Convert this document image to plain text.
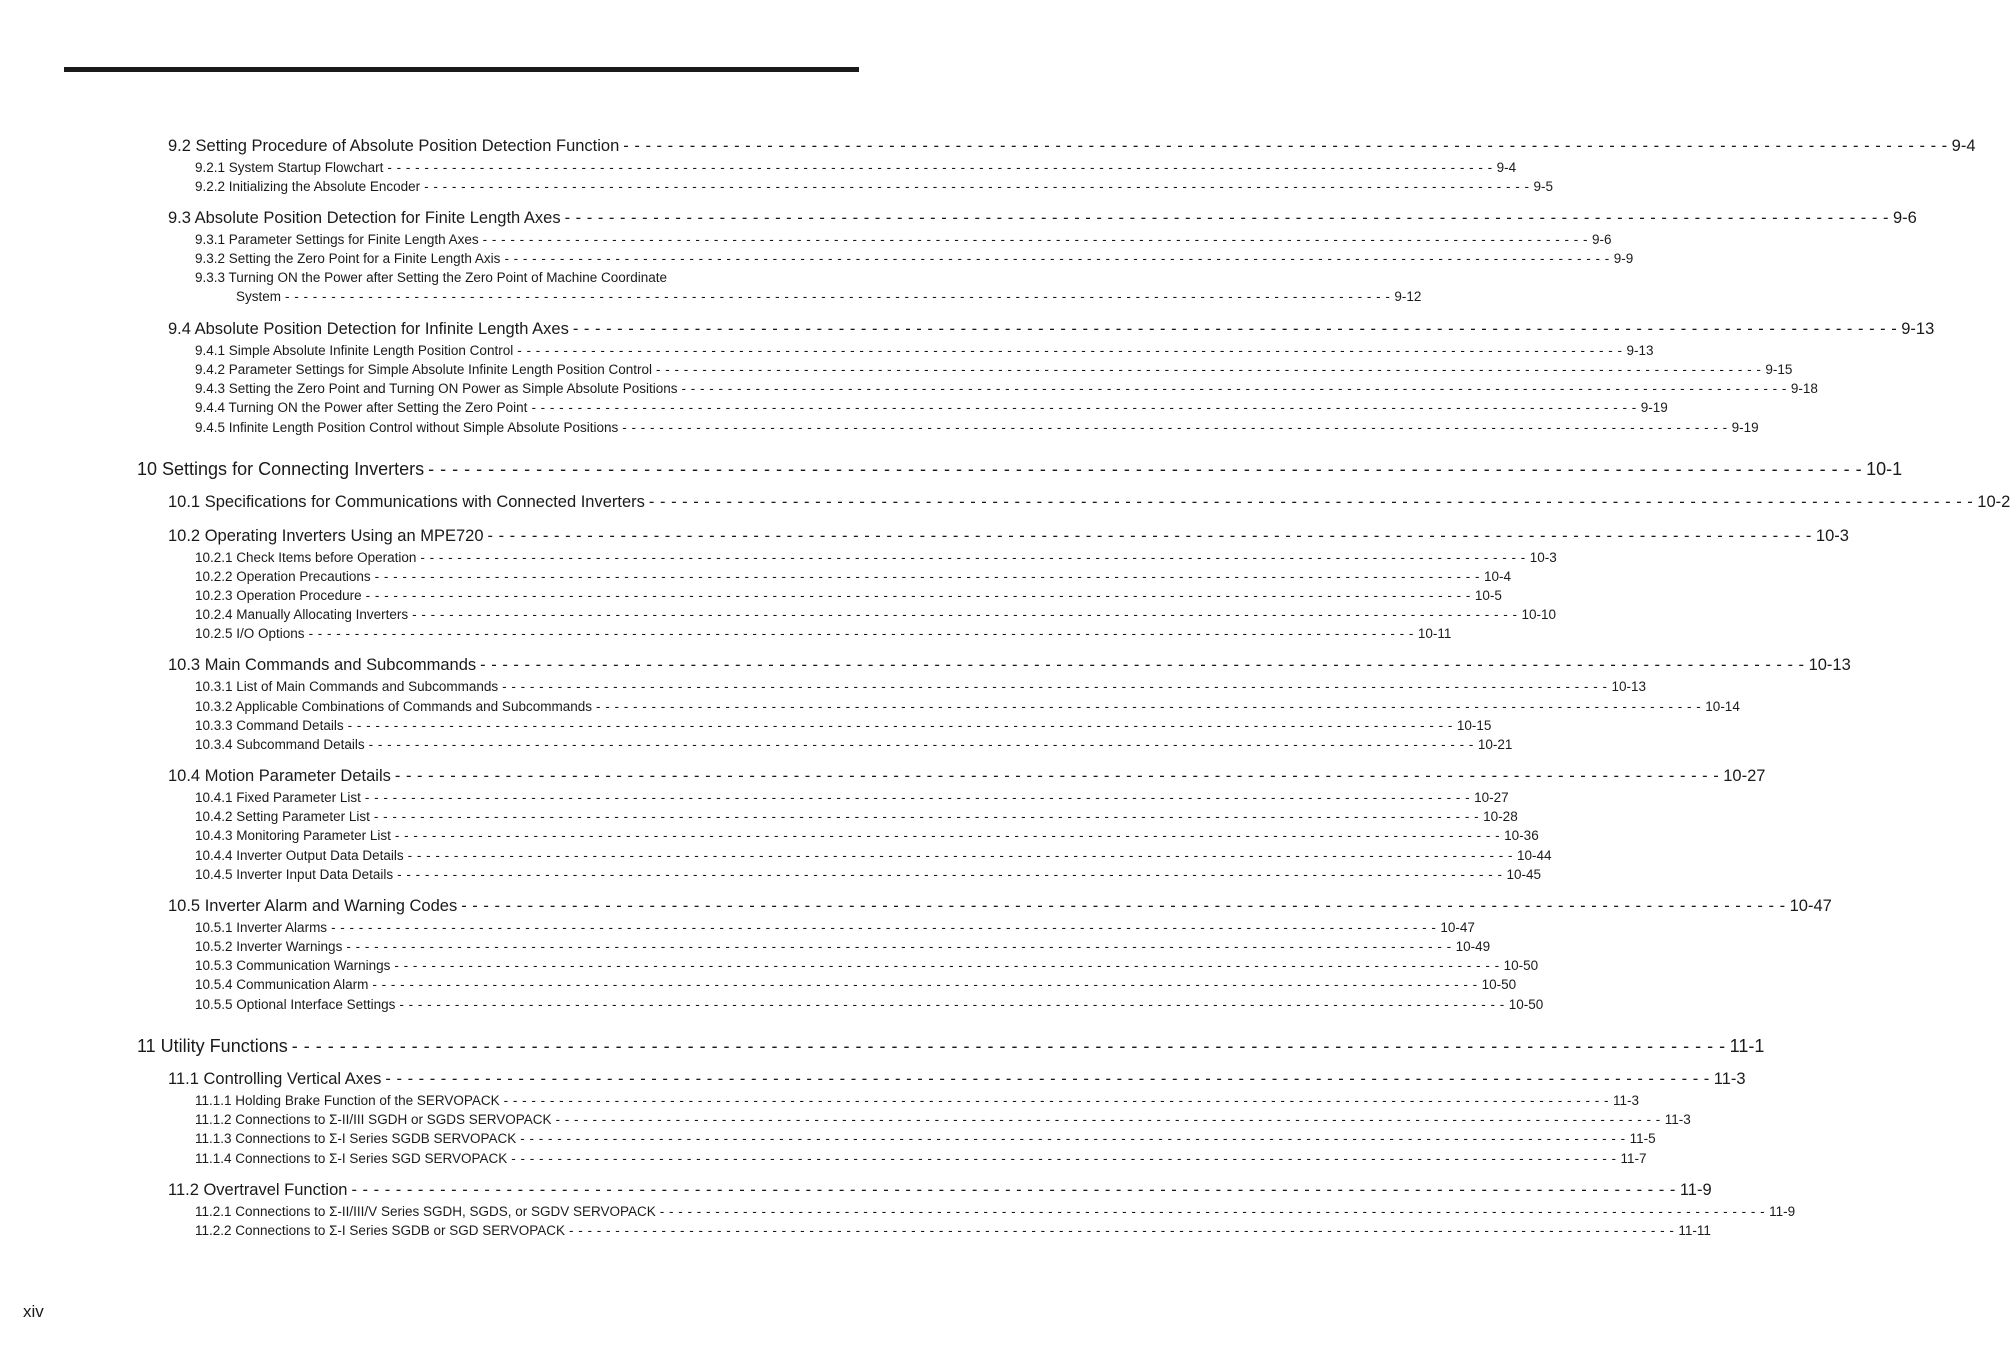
9.2 Setting Procedure of Absolute Position Detection Function - - - - - - - - - - - - - - - - - - - - - - - - - - - - - - - - - - - - - - - - - - - - - - - - - - - - - - - - - - - - - - - - - - - - - - - - - - - - - - - - - - - - - - - - - - - - - - - - - - - - - - - - - - - - - - - - - - - - - - - - 9-4
9.2.1 System Startup Flowchart - - - - - - - - - - - - - - - - - - - - - - - - - - - - - - - - - - - - - - - - - - - - - - - - - - - - - - - - - - - - - - - - - - - - - - - - - - - - - - - - - - - - - - - - - - - - - - - - - - - - - - - - - - - - - - - - - - - - - - - - 9-4
9.2.2 Initializing the Absolute Encoder - - - - - - - - - - - - - - - - - - - - - - - - - - - - - - - - - - - - - - - - - - - - - - - - - - - - - - - - - - - - - - - - - - - - - - - - - - - - - - - - - - - - - - - - - - - - - - - - - - - - - - - - - - - - - - - - - - - - - - - - 9-5
9.3 Absolute Position Detection for Finite Length Axes - - - - - - - - - - - - - - - - - - - - - - - - - - - - - - - - - - - - - - - - - - - - - - - - - - - - - - - - - - - - - - - - - - - - - - - - - - - - - - - - - - - - - - - - - - - - - - - - - - - - - - - - - - - - - - - - - - - - - - - - 9-6
9.3.1 Parameter Settings for Finite Length Axes - - - - - - - - - - - - - - - - - - - - - - - - - - - - - - - - - - - - - - - - - - - - - - - - - - - - - - - - - - - - - - - - - - - - - - - - - - - - - - - - - - - - - - - - - - - - - - - - - - - - - - - - - - - - - - - - - - - - - - - - 9-6
9.3.2 Setting the Zero Point for a Finite Length Axis - - - - - - - - - - - - - - - - - - - - - - - - - - - - - - - - - - - - - - - - - - - - - - - - - - - - - - - - - - - - - - - - - - - - - - - - - - - - - - - - - - - - - - - - - - - - - - - - - - - - - - - - - - - - - - - - - - - - - - - - 9-9
9.3.3 Turning ON the Power after Setting the Zero Point of Machine Coordinate
System - - - - - - - - - - - - - - - - - - - - - - - - - - - - - - - - - - - - - - - - - - - - - - - - - - - - - - - - - - - - - - - - - - - - - - - - - - - - - - - - - - - - - - - - - - - - - - - - - - - - - - - - - - - - - - - - - - - - - - - - 9-12
9.4 Absolute Position Detection for Infinite Length Axes - - - - - - - - - - - - - - - - - - - - - - - - - - - - - - - - - - - - - - - - - - - - - - - - - - - - - - - - - - - - - - - - - - - - - - - - - - - - - - - - - - - - - - - - - - - - - - - - - - - - - - - - - - - - - - - - - - - - - - - - 9-13
9.4.1 Simple Absolute Infinite Length Position Control - - - - - - - - - - - - - - - - - - - - - - - - - - - - - - - - - - - - - - - - - - - - - - - - - - - - - - - - - - - - - - - - - - - - - - - - - - - - - - - - - - - - - - - - - - - - - - - - - - - - - - - - - - - - - - - - - - - - - - - - 9-13
9.4.2 Parameter Settings for Simple Absolute Infinite Length Position Control - - - - - - - - - - - - - - - - - - - - - - - - - - - - - - - - - - - - - - - - - - - - - - - - - - - - - - - - - - - - - - - - - - - - - - - - - - - - - - - - - - - - - - - - - - - - - - - - - - - - - - - - - - - - - - - - - - - - - - - - 9-15
9.4.3 Setting the Zero Point and Turning ON Power as Simple Absolute Positions - - - - - - - - - - - - - - - - - - - - - - - - - - - - - - - - - - - - - - - - - - - - - - - - - - - - - - - - - - - - - - - - - - - - - - - - - - - - - - - - - - - - - - - - - - - - - - - - - - - - - - - - - - - - - - - - - - - - - - - - 9-18
9.4.4 Turning ON the Power after Setting the Zero Point - - - - - - - - - - - - - - - - - - - - - - - - - - - - - - - - - - - - - - - - - - - - - - - - - - - - - - - - - - - - - - - - - - - - - - - - - - - - - - - - - - - - - - - - - - - - - - - - - - - - - - - - - - - - - - - - - - - - - - - - 9-19
9.4.5 Infinite Length Position Control without Simple Absolute Positions - - - - - - - - - - - - - - - - - - - - - - - - - - - - - - - - - - - - - - - - - - - - - - - - - - - - - - - - - - - - - - - - - - - - - - - - - - - - - - - - - - - - - - - - - - - - - - - - - - - - - - - - - - - - - - - - - - - - - - - - 9-19
10 Settings for Connecting Inverters - - - - - - - - - - - - - - - - - - - - - - - - - - - - - - - - - - - - - - - - - - - - - - - - - - - - - - - - - - - - - - - - - - - - - - - - - - - - - - - - - - - - - - - - - - - - - - - - - - - - - - - - - - - - - - - - - - - - - - - - 10-1
10.1 Specifications for Communications with Connected Inverters - - - - - - - - - - - - - - - - - - - - - - - - - - - - - - - - - - - - - - - - - - - - - - - - - - - - - - - - - - - - - - - - - - - - - - - - - - - - - - - - - - - - - - - - - - - - - - - - - - - - - - - - - - - - - - - - - - - - - - - - 10-2
10.2 Operating Inverters Using an MPE720 - - - - - - - - - - - - - - - - - - - - - - - - - - - - - - - - - - - - - - - - - - - - - - - - - - - - - - - - - - - - - - - - - - - - - - - - - - - - - - - - - - - - - - - - - - - - - - - - - - - - - - - - - - - - - - - - - - - - - - - - 10-3
10.2.1 Check Items before Operation - - - - - - - - - - - - - - - - - - - - - - - - - - - - - - - - - - - - - - - - - - - - - - - - - - - - - - - - - - - - - - - - - - - - - - - - - - - - - - - - - - - - - - - - - - - - - - - - - - - - - - - - - - - - - - - - - - - - - - - - 10-3
10.2.2 Operation Precautions - - - - - - - - - - - - - - - - - - - - - - - - - - - - - - - - - - - - - - - - - - - - - - - - - - - - - - - - - - - - - - - - - - - - - - - - - - - - - - - - - - - - - - - - - - - - - - - - - - - - - - - - - - - - - - - - - - - - - - - - 10-4
10.2.3 Operation Procedure - - - - - - - - - - - - - - - - - - - - - - - - - - - - - - - - - - - - - - - - - - - - - - - - - - - - - - - - - - - - - - - - - - - - - - - - - - - - - - - - - - - - - - - - - - - - - - - - - - - - - - - - - - - - - - - - - - - - - - - - 10-5
10.2.4 Manually Allocating Inverters - - - - - - - - - - - - - - - - - - - - - - - - - - - - - - - - - - - - - - - - - - - - - - - - - - - - - - - - - - - - - - - - - - - - - - - - - - - - - - - - - - - - - - - - - - - - - - - - - - - - - - - - - - - - - - - - - - - - - - - - 10-10
10.2.5 I/O Options - - - - - - - - - - - - - - - - - - - - - - - - - - - - - - - - - - - - - - - - - - - - - - - - - - - - - - - - - - - - - - - - - - - - - - - - - - - - - - - - - - - - - - - - - - - - - - - - - - - - - - - - - - - - - - - - - - - - - - - - 10-11
10.3 Main Commands and Subcommands - - - - - - - - - - - - - - - - - - - - - - - - - - - - - - - - - - - - - - - - - - - - - - - - - - - - - - - - - - - - - - - - - - - - - - - - - - - - - - - - - - - - - - - - - - - - - - - - - - - - - - - - - - - - - - - - - - - - - - - - 10-13
10.3.1 List of Main Commands and Subcommands - - - - - - - - - - - - - - - - - - - - - - - - - - - - - - - - - - - - - - - - - - - - - - - - - - - - - - - - - - - - - - - - - - - - - - - - - - - - - - - - - - - - - - - - - - - - - - - - - - - - - - - - - - - - - - - - - - - - - - - - 10-13
10.3.2 Applicable Combinations of Commands and Subcommands - - - - - - - - - - - - - - - - - - - - - - - - - - - - - - - - - - - - - - - - - - - - - - - - - - - - - - - - - - - - - - - - - - - - - - - - - - - - - - - - - - - - - - - - - - - - - - - - - - - - - - - - - - - - - - - - - - - - - - - - 10-14
10.3.3 Command Details - - - - - - - - - - - - - - - - - - - - - - - - - - - - - - - - - - - - - - - - - - - - - - - - - - - - - - - - - - - - - - - - - - - - - - - - - - - - - - - - - - - - - - - - - - - - - - - - - - - - - - - - - - - - - - - - - - - - - - - - 10-15
10.3.4 Subcommand Details - - - - - - - - - - - - - - - - - - - - - - - - - - - - - - - - - - - - - - - - - - - - - - - - - - - - - - - - - - - - - - - - - - - - - - - - - - - - - - - - - - - - - - - - - - - - - - - - - - - - - - - - - - - - - - - - - - - - - - - - 10-21
10.4 Motion Parameter Details - - - - - - - - - - - - - - - - - - - - - - - - - - - - - - - - - - - - - - - - - - - - - - - - - - - - - - - - - - - - - - - - - - - - - - - - - - - - - - - - - - - - - - - - - - - - - - - - - - - - - - - - - - - - - - - - - - - - - - - - 10-27
10.4.1 Fixed Parameter List - - - - - - - - - - - - - - - - - - - - - - - - - - - - - - - - - - - - - - - - - - - - - - - - - - - - - - - - - - - - - - - - - - - - - - - - - - - - - - - - - - - - - - - - - - - - - - - - - - - - - - - - - - - - - - - - - - - - - - - - 10-27
10.4.2 Setting Parameter List - - - - - - - - - - - - - - - - - - - - - - - - - - - - - - - - - - - - - - - - - - - - - - - - - - - - - - - - - - - - - - - - - - - - - - - - - - - - - - - - - - - - - - - - - - - - - - - - - - - - - - - - - - - - - - - - - - - - - - - - 10-28
10.4.3 Monitoring Parameter List - - - - - - - - - - - - - - - - - - - - - - - - - - - - - - - - - - - - - - - - - - - - - - - - - - - - - - - - - - - - - - - - - - - - - - - - - - - - - - - - - - - - - - - - - - - - - - - - - - - - - - - - - - - - - - - - - - - - - - - - 10-36
10.4.4 Inverter Output Data Details - - - - - - - - - - - - - - - - - - - - - - - - - - - - - - - - - - - - - - - - - - - - - - - - - - - - - - - - - - - - - - - - - - - - - - - - - - - - - - - - - - - - - - - - - - - - - - - - - - - - - - - - - - - - - - - - - - - - - - - - 10-44
10.4.5 Inverter Input Data Details - - - - - - - - - - - - - - - - - - - - - - - - - - - - - - - - - - - - - - - - - - - - - - - - - - - - - - - - - - - - - - - - - - - - - - - - - - - - - - - - - - - - - - - - - - - - - - - - - - - - - - - - - - - - - - - - - - - - - - - - 10-45
10.5 Inverter Alarm and Warning Codes - - - - - - - - - - - - - - - - - - - - - - - - - - - - - - - - - - - - - - - - - - - - - - - - - - - - - - - - - - - - - - - - - - - - - - - - - - - - - - - - - - - - - - - - - - - - - - - - - - - - - - - - - - - - - - - - - - - - - - - - 10-47
10.5.1 Inverter Alarms - - - - - - - - - - - - - - - - - - - - - - - - - - - - - - - - - - - - - - - - - - - - - - - - - - - - - - - - - - - - - - - - - - - - - - - - - - - - - - - - - - - - - - - - - - - - - - - - - - - - - - - - - - - - - - - - - - - - - - - - 10-47
10.5.2 Inverter Warnings - - - - - - - - - - - - - - - - - - - - - - - - - - - - - - - - - - - - - - - - - - - - - - - - - - - - - - - - - - - - - - - - - - - - - - - - - - - - - - - - - - - - - - - - - - - - - - - - - - - - - - - - - - - - - - - - - - - - - - - - 10-49
10.5.3 Communication Warnings - - - - - - - - - - - - - - - - - - - - - - - - - - - - - - - - - - - - - - - - - - - - - - - - - - - - - - - - - - - - - - - - - - - - - - - - - - - - - - - - - - - - - - - - - - - - - - - - - - - - - - - - - - - - - - - - - - - - - - - - 10-50
10.5.4 Communication Alarm - - - - - - - - - - - - - - - - - - - - - - - - - - - - - - - - - - - - - - - - - - - - - - - - - - - - - - - - - - - - - - - - - - - - - - - - - - - - - - - - - - - - - - - - - - - - - - - - - - - - - - - - - - - - - - - - - - - - - - - - 10-50
10.5.5 Optional Interface Settings - - - - - - - - - - - - - - - - - - - - - - - - - - - - - - - - - - - - - - - - - - - - - - - - - - - - - - - - - - - - - - - - - - - - - - - - - - - - - - - - - - - - - - - - - - - - - - - - - - - - - - - - - - - - - - - - - - - - - - - - 10-50
11 Utility Functions - - - - - - - - - - - - - - - - - - - - - - - - - - - - - - - - - - - - - - - - - - - - - - - - - - - - - - - - - - - - - - - - - - - - - - - - - - - - - - - - - - - - - - - - - - - - - - - - - - - - - - - - - - - - - - - - - - - - - - - - 11-1
11.1 Controlling Vertical Axes - - - - - - - - - - - - - - - - - - - - - - - - - - - - - - - - - - - - - - - - - - - - - - - - - - - - - - - - - - - - - - - - - - - - - - - - - - - - - - - - - - - - - - - - - - - - - - - - - - - - - - - - - - - - - - - - - - - - - - - - 11-3
11.1.1 Holding Brake Function of the SERVOPACK - - - - - - - - - - - - - - - - - - - - - - - - - - - - - - - - - - - - - - - - - - - - - - - - - - - - - - - - - - - - - - - - - - - - - - - - - - - - - - - - - - - - - - - - - - - - - - - - - - - - - - - - - - - - - - - - - - - - - - - - 11-3
11.1.2 Connections to Σ-II/III SGDH or SGDS SERVOPACK - - - - - - - - - - - - - - - - - - - - - - - - - - - - - - - - - - - - - - - - - - - - - - - - - - - - - - - - - - - - - - - - - - - - - - - - - - - - - - - - - - - - - - - - - - - - - - - - - - - - - - - - - - - - - - - - - - - - - - - - 11-3
11.1.3 Connections to Σ-I Series SGDB SERVOPACK - - - - - - - - - - - - - - - - - - - - - - - - - - - - - - - - - - - - - - - - - - - - - - - - - - - - - - - - - - - - - - - - - - - - - - - - - - - - - - - - - - - - - - - - - - - - - - - - - - - - - - - - - - - - - - - - - - - - - - - - 11-5
11.1.4 Connections to Σ-I Series SGD SERVOPACK - - - - - - - - - - - - - - - - - - - - - - - - - - - - - - - - - - - - - - - - - - - - - - - - - - - - - - - - - - - - - - - - - - - - - - - - - - - - - - - - - - - - - - - - - - - - - - - - - - - - - - - - - - - - - - - - - - - - - - - - 11-7
11.2 Overtravel Function - - - - - - - - - - - - - - - - - - - - - - - - - - - - - - - - - - - - - - - - - - - - - - - - - - - - - - - - - - - - - - - - - - - - - - - - - - - - - - - - - - - - - - - - - - - - - - - - - - - - - - - - - - - - - - - - - - - - - - - - 11-9
11.2.1 Connections to Σ-II/III/V Series SGDH, SGDS, or SGDV SERVOPACK - - - - - - - - - - - - - - - - - - - - - - - - - - - - - - - - - - - - - - - - - - - - - - - - - - - - - - - - - - - - - - - - - - - - - - - - - - - - - - - - - - - - - - - - - - - - - - - - - - - - - - - - - - - - - - - - - - - - - - - - 11-9
11.2.2 Connections to Σ-I Series SGDB or SGD SERVOPACK - - - - - - - - - - - - - - - - - - - - - - - - - - - - - - - - - - - - - - - - - - - - - - - - - - - - - - - - - - - - - - - - - - - - - - - - - - - - - - - - - - - - - - - - - - - - - - - - - - - - - - - - - - - - - - - - - - - - - - - - 11-11
xiv
